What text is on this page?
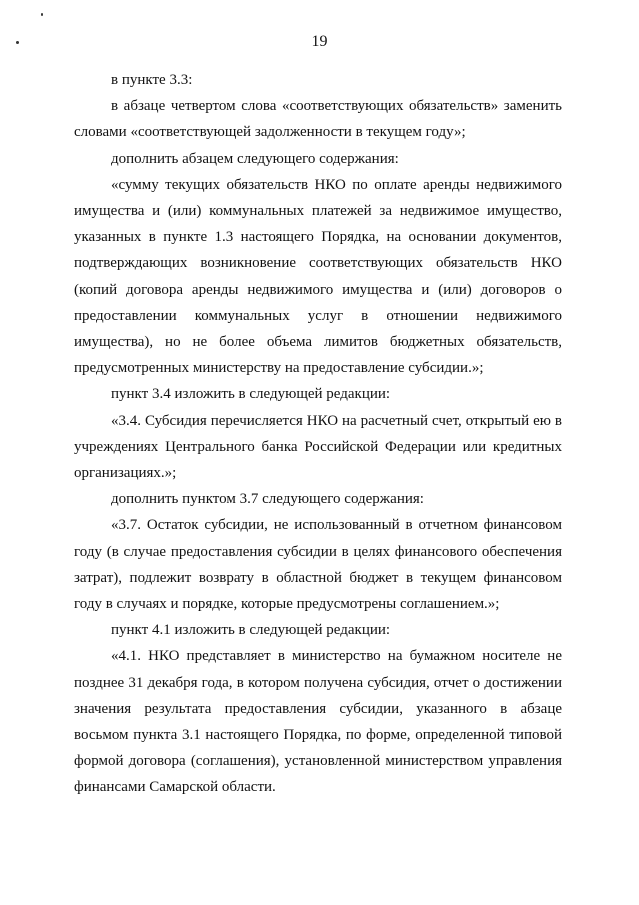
19

в пункте 3.3:

в абзаце четвертом слова «соответствующих обязательств» заменить словами «соответствующей задолженности в текущем году»;

дополнить абзацем следующего содержания:

«сумму текущих обязательств НКО по оплате аренды недвижимого имущества и (или) коммунальных платежей за недвижимое имущество, указанных в пункте 1.3 настоящего Порядка, на основании документов, подтверждающих возникновение соответствующих обязательств НКО (копий договора аренды недвижимого имущества и (или) договоров о предоставлении коммунальных услуг в отношении недвижимого имущества), но не более объема лимитов бюджетных обязательств, предусмотренных министерству на предоставление субсидии.»;

пункт 3.4 изложить в следующей редакции:

«3.4. Субсидия перечисляется НКО на расчетный счет, открытый ею в учреждениях Центрального банка Российской Федерации или кредитных организациях.»;

дополнить пунктом 3.7 следующего содержания:

«3.7. Остаток субсидии, не использованный в отчетном финансовом году (в случае предоставления субсидии в целях финансового обеспечения затрат), подлежит возврату в областной бюджет в текущем финансовом году в случаях и порядке, которые предусмотрены соглашением.»;

пункт 4.1 изложить в следующей редакции:

«4.1. НКО представляет в министерство на бумажном носителе не позднее 31 декабря года, в котором получена субсидия, отчет о достижении значения результата предоставления субсидии, указанного в абзаце восьмом пункта 3.1 настоящего Порядка, по форме, определенной типовой формой договора (соглашения), установленной министерством управления финансами Самарской области.
